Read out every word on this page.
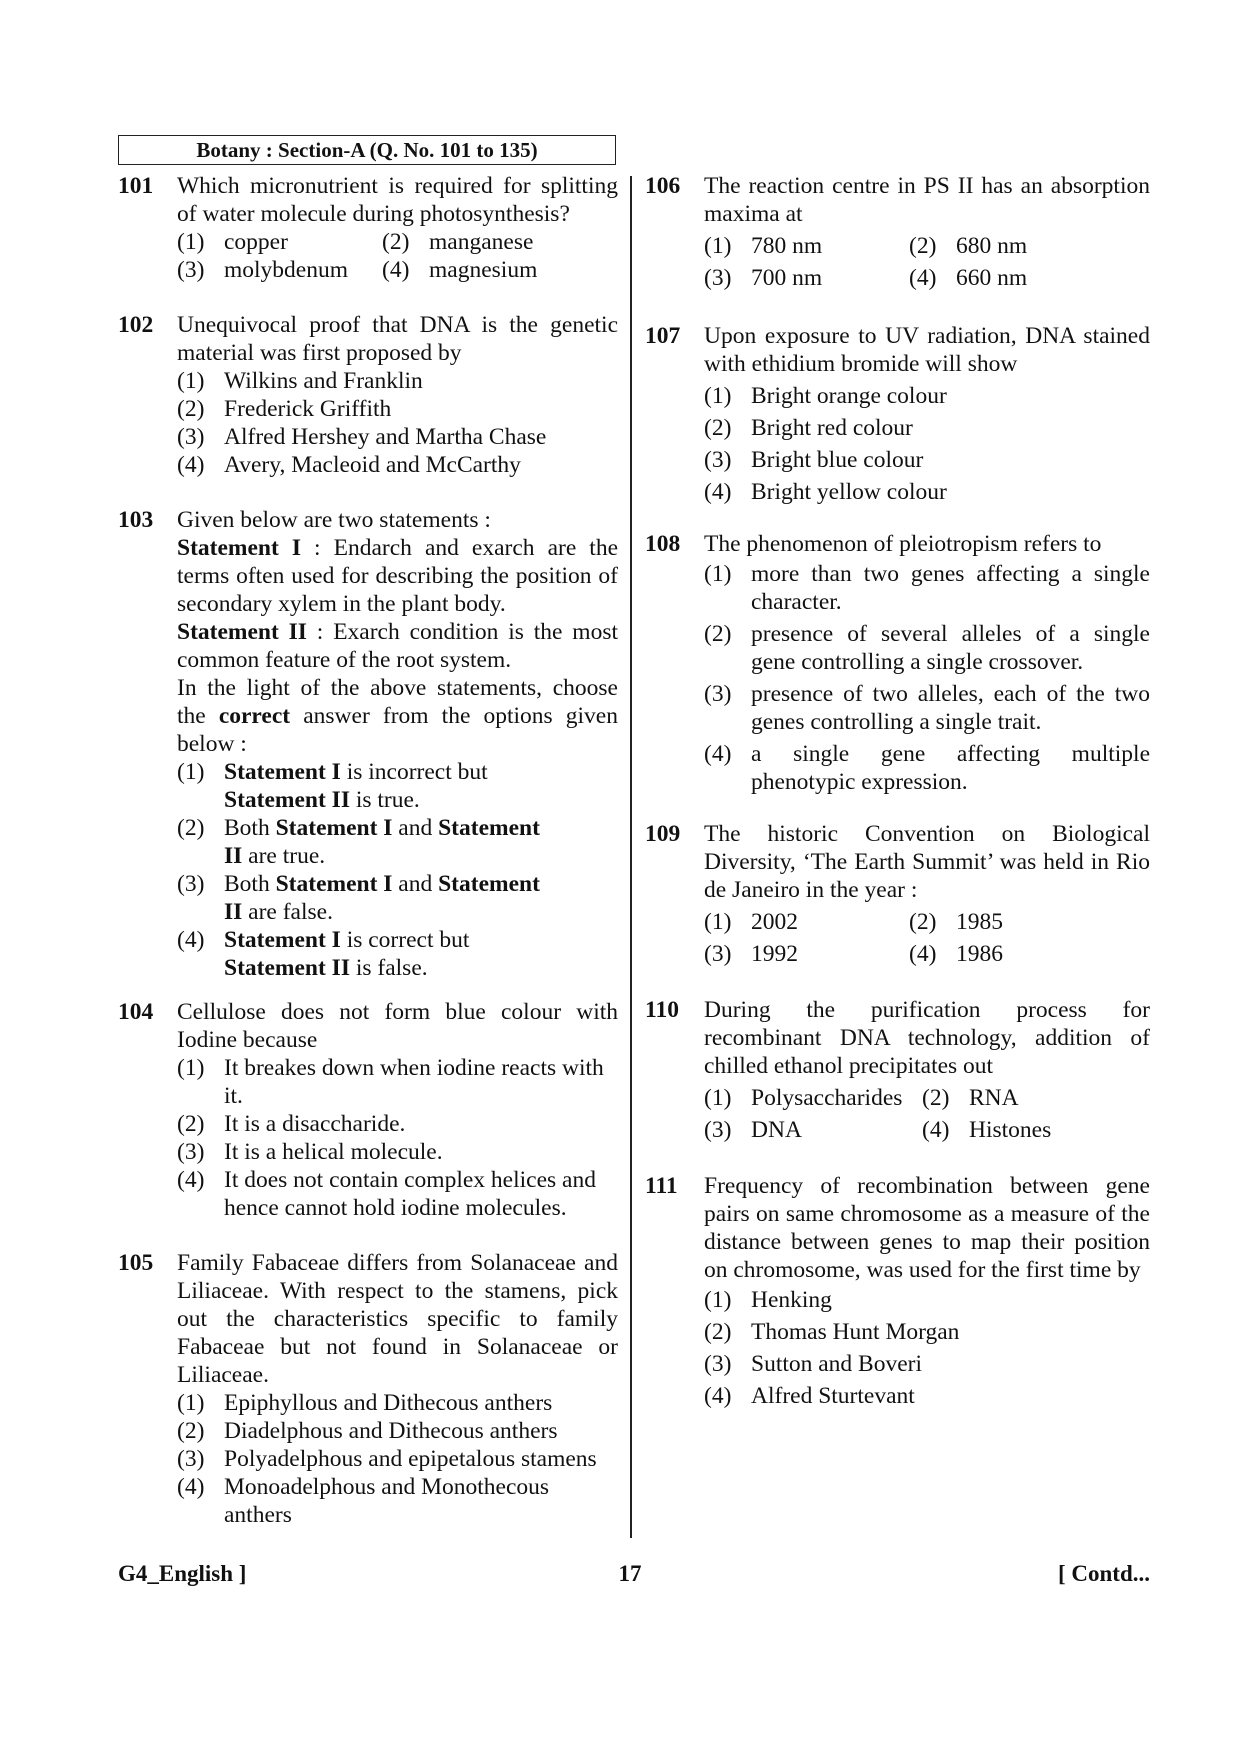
Botany : Section-A (Q. No. 101 to 135)
101 Which micronutrient is required for splitting of water molecule during photosynthesis?
(1) copper	(2) manganese
(3) molybdenum	(4) magnesium
102 Unequivocal proof that DNA is the genetic material was first proposed by
(1) Wilkins and Franklin
(2) Frederick Griffith
(3) Alfred Hershey and Martha Chase
(4) Avery, Macleoid and McCarthy
103 Given below are two statements :
Statement I : Endarch and exarch are the terms often used for describing the position of secondary xylem in the plant body.
Statement II : Exarch condition is the most common feature of the root system.
In the light of the above statements, choose the correct answer from the options given below :
(1) Statement I is incorrect but Statement II is true.
(2) Both Statement I and Statement II are true.
(3) Both Statement I and Statement II are false.
(4) Statement I is correct but Statement II is false.
104 Cellulose does not form blue colour with Iodine because
(1) It breakes down when iodine reacts with it.
(2) It is a disaccharide.
(3) It is a helical molecule.
(4) It does not contain complex helices and hence cannot hold iodine molecules.
105 Family Fabaceae differs from Solanaceae and Liliaceae. With respect to the stamens, pick out the characteristics specific to family Fabaceae but not found in Solanaceae or Liliaceae.
(1) Epiphyllous and Dithecous anthers
(2) Diadelphous and Dithecous anthers
(3) Polyadelphous and epipetalous stamens
(4) Monoadelphous and Monothecous anthers
106 The reaction centre in PS II has an absorption maxima at
(1) 780 nm	(2) 680 nm
(3) 700 nm	(4) 660 nm
107 Upon exposure to UV radiation, DNA stained with ethidium bromide will show
(1) Bright orange colour
(2) Bright red colour
(3) Bright blue colour
(4) Bright yellow colour
108 The phenomenon of pleiotropism refers to
(1) more than two genes affecting a single character.
(2) presence of several alleles of a single gene controlling a single crossover.
(3) presence of two alleles, each of the two genes controlling a single trait.
(4) a single gene affecting multiple phenotypic expression.
109 The historic Convention on Biological Diversity, ‘The Earth Summit’ was held in Rio de Janeiro in the year :
(1) 2002	(2) 1985
(3) 1992	(4) 1986
110 During the purification process for recombinant DNA technology, addition of chilled ethanol precipitates out
(1) Polysaccharides (2) RNA
(3) DNA	(4) Histones
111 Frequency of recombination between gene pairs on same chromosome as a measure of the distance between genes to map their position on chromosome, was used for the first time by
(1) Henking
(2) Thomas Hunt Morgan
(3) Sutton and Boveri
(4) Alfred Sturtevant
G4_English ]	17	[ Contd...
